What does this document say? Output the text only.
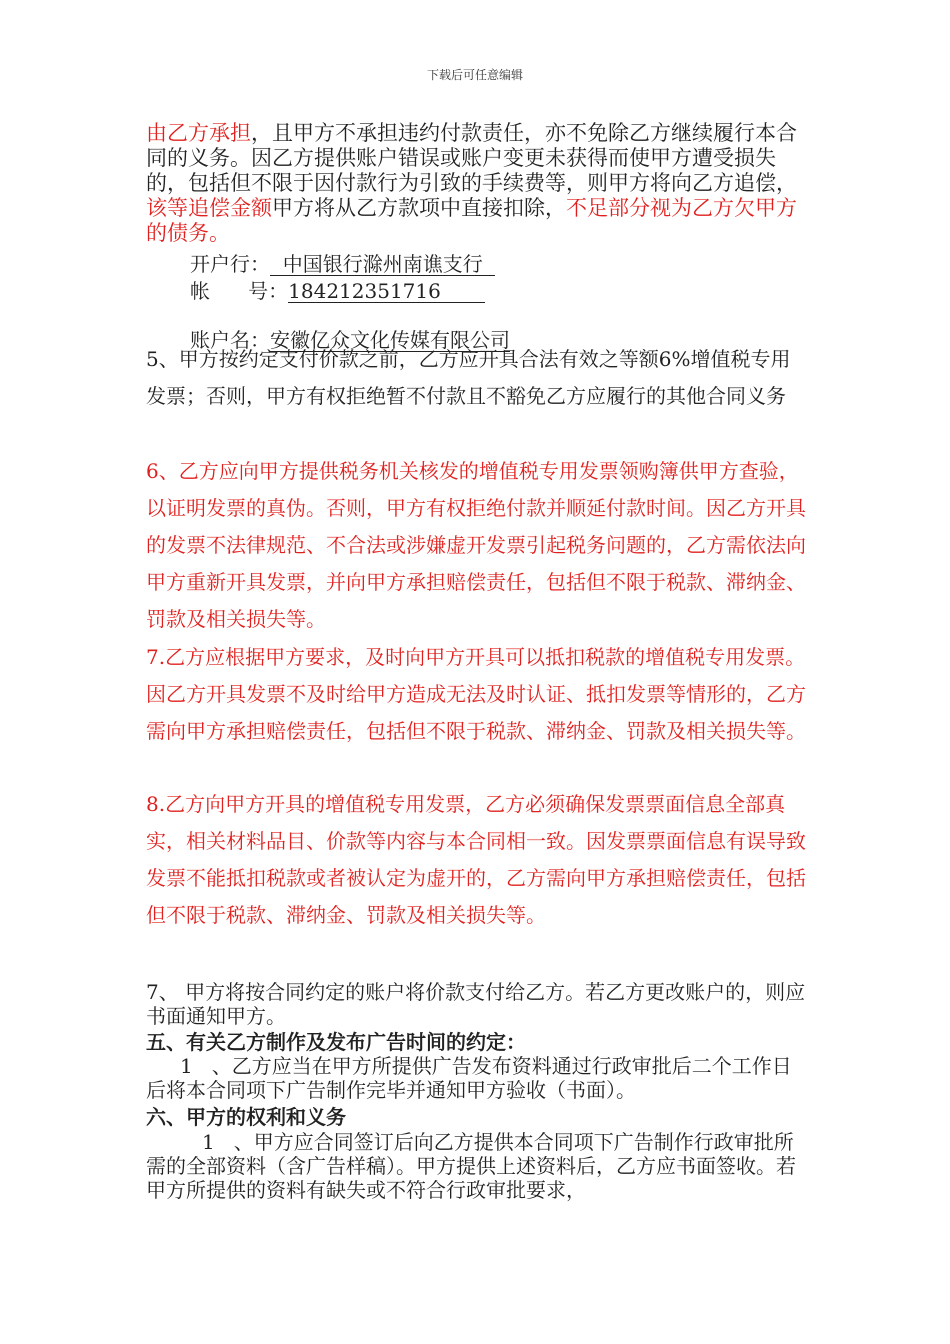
下载后可任意编辑
由乙方承担，且甲方不承担违约付款责任，亦不免除乙方继续履行本合同的义务。因乙方提供账户错误或账户变更未获得而使甲方遭受损失的，包括但不限于因付款行为引致的手续费等，则甲方将向乙方追偿，该等追偿金额甲方将从乙方款项中直接扣除，不足部分视为乙方欠甲方的债务。
开户行：  中国银行滁州南谯支行
帐      号：184212351716
账户名：安徽亿众文化传媒有限公司
5、甲方按约定支付价款之前，乙方应开具合法有效之等额6%增值税专用发票；否则，甲方有权拒绝暂不付款且不豁免乙方应履行的其他合同义务
6、乙方应向甲方提供税务机关核发的增值税专用发票领购簿供甲方查验，以证明发票的真伪。否则，甲方有权拒绝付款并顺延付款时间。因乙方开具的发票不法律规范、不合法或涉嫌虚开发票引起税务问题的，乙方需依法向甲方重新开具发票，并向甲方承担赔偿责任，包括但不限于税款、滞纳金、罚款及相关损失等。
7.乙方应根据甲方要求，及时向甲方开具可以抵扣税款的增值税专用发票。因乙方开具发票不及时给甲方造成无法及时认证、抵扣发票等情形的，乙方需向甲方承担赔偿责任，包括但不限于税款、滞纳金、罚款及相关损失等。
8.乙方向甲方开具的增值税专用发票，乙方必须确保发票票面信息全部真实，相关材料品目、价款等内容与本合同相一致。因发票票面信息有误导致发票不能抵扣税款或者被认定为虚开的，乙方需向甲方承担赔偿责任，包括但不限于税款、滞纳金、罚款及相关损失等。
7、 甲方将按合同约定的账户将价款支付给乙方。若乙方更改账户的，则应书面通知甲方。
五、有关乙方制作及发布广告时间的约定：
1   、乙方应当在甲方所提供广告发布资料通过行政审批后二个工作日后将本合同项下广告制作完毕并通知甲方验收（书面）。
六、甲方的权利和义务
1   、甲方应合同签订后向乙方提供本合同项下广告制作行政审批所需的全部资料（含广告样稿）。甲方提供上述资料后，乙方应书面签收。若甲方所提供的资料有缺失或不符合行政审批要求，
